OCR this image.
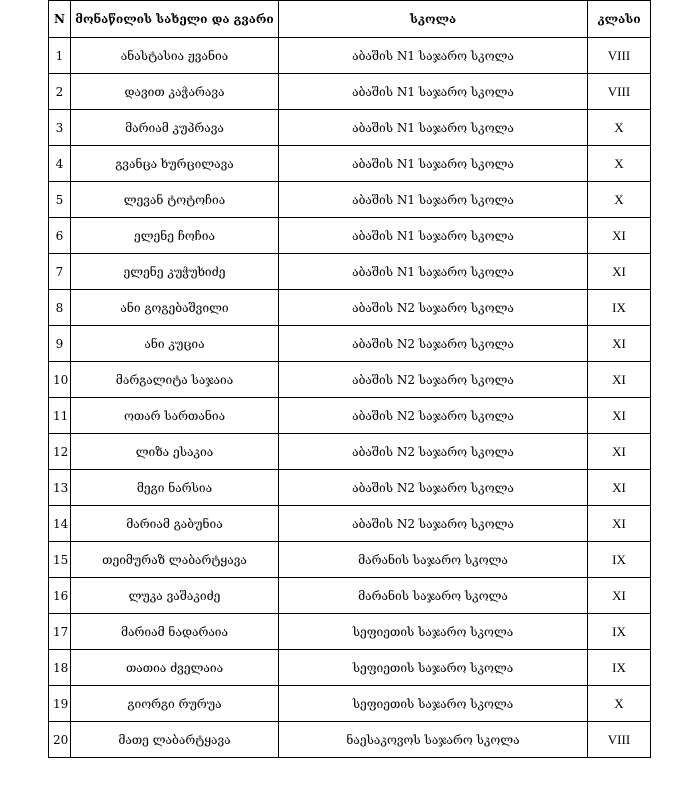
N	მონაწილის სახელი და გვარი	სკოლა	კლასი
1	ანასტასია ჟვანია	აბაშის N1 საჯარო სკოლა	VIII
2	დავით კაჭარავა	აბაშის N1 საჯარო სკოლა	VIII
3	მარიამ კუპრავა	აბაშის N1 საჯარო სკოლა	X
4	გვანცა ხურცილავა	აბაშის N1 საჯარო სკოლა	X
5	ლევან ტოტოჩია	აბაშის N1 საჯარო სკოლა	X
6	ელენე ჩოჩია	აბაშის N1 საჯარო სკოლა	XI
7	ელენე კუჭუხიძე	აბაშის N1 საჯარო სკოლა	XI
8	ანი გოგებაშვილი	აბაშის N2 საჯარო სკოლა	IX
9	ანი კუცია	აბაშის N2 საჯარო სკოლა	XI
10	მარგალიტა საჯაია	აბაშის N2 საჯარო სკოლა	XI
11	ოთარ სართანია	აბაშის N2 საჯარო სკოლა	XI
12	ლიზა ესაკია	აბაშის N2 საჯარო სკოლა	XI
13	მეგი ნარსია	აბაშის N2 საჯარო სკოლა	XI
14	მარიამ გაბუნია	აბაშის N2 საჯარო სკოლა	XI
15	თეიმურაზ ლაბარტყავა	მარანის საჯარო სკოლა	IX
16	ლუკა ვაშაკიძე	მარანის საჯარო სკოლა	XI
17	მარიამ ნადარაია	სეფიეთის საჯარო სკოლა	IX
18	თათია ძველაია	სეფიეთის საჯარო სკოლა	IX
19	გიორგი რურუა	სეფიეთის საჯარო სკოლა	X
20	მათე ლაბარტყავა	ნაესაკოვოს საჯარო სკოლა	VIII
